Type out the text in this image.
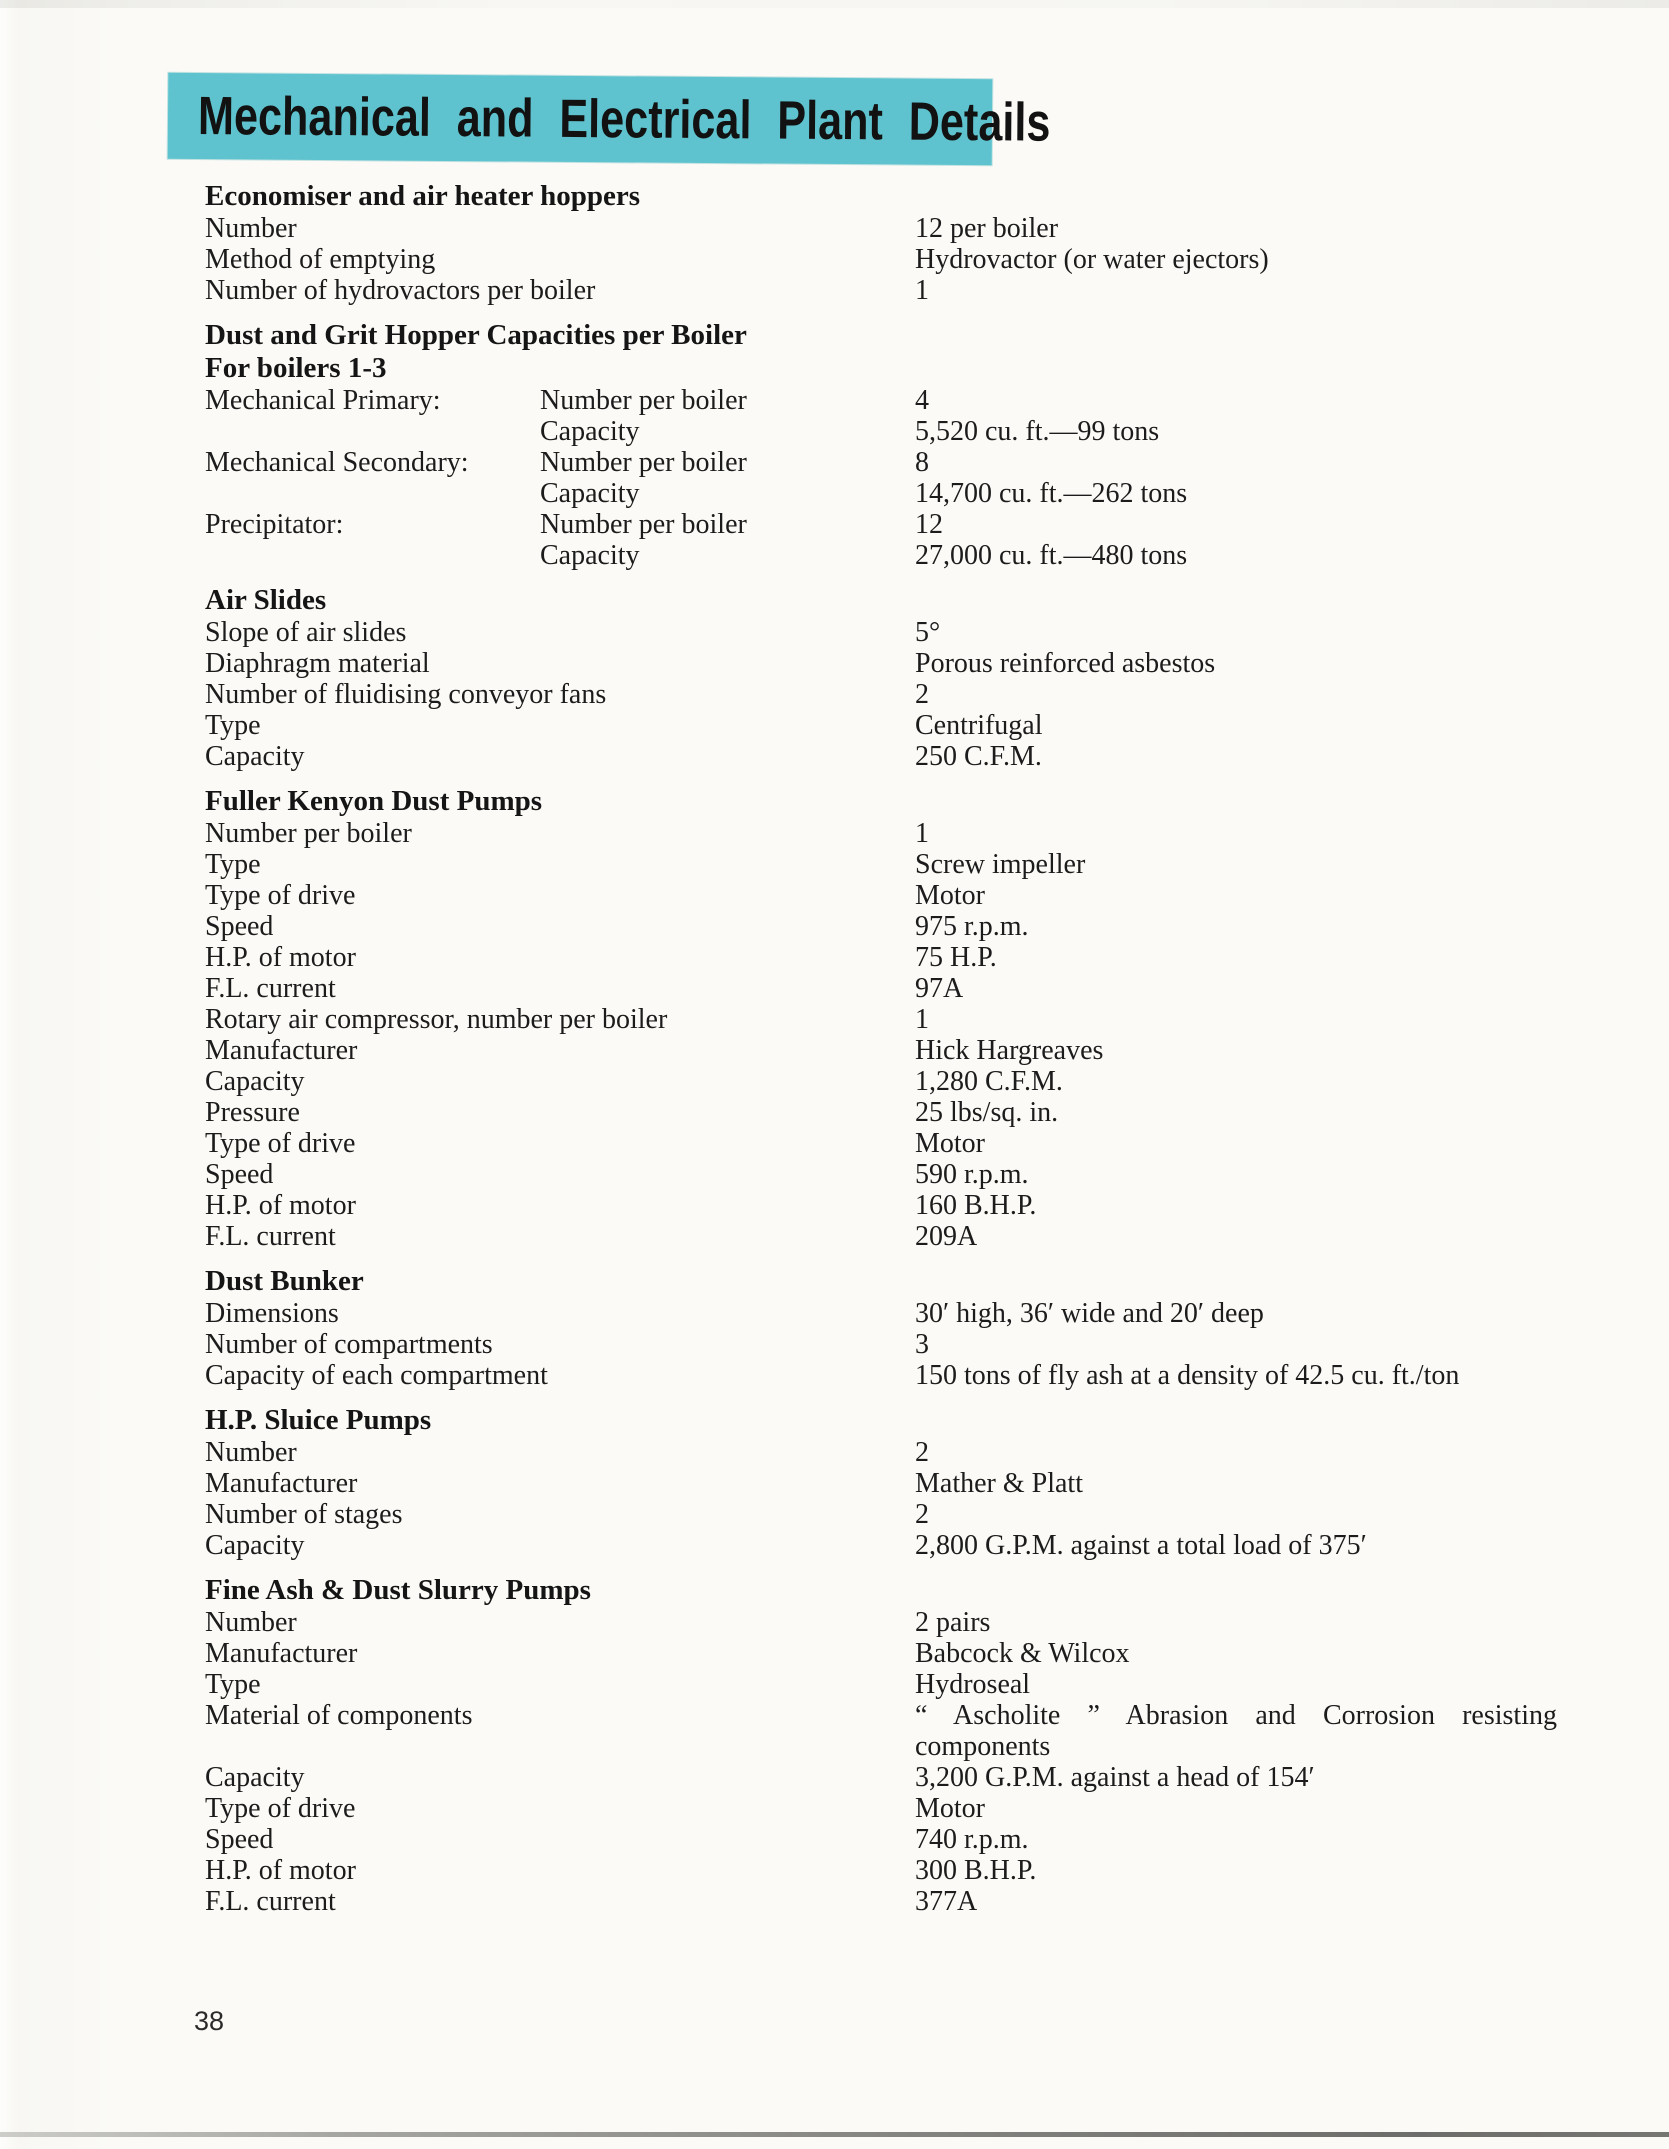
Mechanical and Electrical Plant Details
Economiser and air heater hoppers
Number	12 per boiler
Method of emptying	Hydrovactor (or water ejectors)
Number of hydrovactors per boiler	1
Dust and Grit Hopper Capacities per Boiler
For boilers 1-3
Mechanical Primary:	Number per boiler	4
Capacity	5,520 cu. ft.—99 tons
Mechanical Secondary:	Number per boiler	8
Capacity	14,700 cu. ft.—262 tons
Precipitator:	Number per boiler	12
Capacity	27,000 cu. ft.—480 tons
Air Slides
Slope of air slides	5°
Diaphragm material	Porous reinforced asbestos
Number of fluidising conveyor fans	2
Type	Centrifugal
Capacity	250 C.F.M.
Fuller Kenyon Dust Pumps
Number per boiler	1
Type	Screw impeller
Type of drive	Motor
Speed	975 r.p.m.
H.P. of motor	75 H.P.
F.L. current	97A
Rotary air compressor, number per boiler	1
Manufacturer	Hick Hargreaves
Capacity	1,280 C.F.M.
Pressure	25 lbs/sq. in.
Type of drive	Motor
Speed	590 r.p.m.
H.P. of motor	160 B.H.P.
F.L. current	209A
Dust Bunker
Dimensions	30′ high, 36′ wide and 20′ deep
Number of compartments	3
Capacity of each compartment	150 tons of fly ash at a density of 42.5 cu. ft./ton
H.P. Sluice Pumps
Number	2
Manufacturer	Mather & Platt
Number of stages	2
Capacity	2,800 G.P.M. against a total load of 375′
Fine Ash & Dust Slurry Pumps
Number	2 pairs
Manufacturer	Babcock & Wilcox
Type	Hydroseal
Material of components	“ Ascholite ” Abrasion and Corrosion resisting components
Capacity	3,200 G.P.M. against a head of 154′
Type of drive	Motor
Speed	740 r.p.m.
H.P. of motor	300 B.H.P.
F.L. current	377A
38
